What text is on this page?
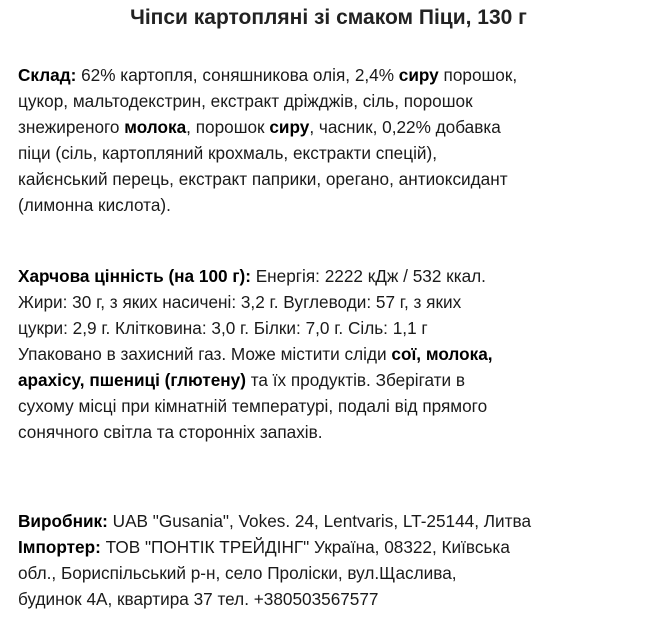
Чіпси картопляні зі смаком Піци, 130 г
Склад: 62% картопля, соняшникова олія, 2,4% сиру порошок,
цукор, мальтодекстрин, екстракт дріжджів, сіль, порошок
знежиреного молока, порошок сиру, часник, 0,22% добавка
піци (сіль, картопляний крохмаль, екстракти спецій),
кайєнський перець, екстракт паприки, орегано, антиоксидант
(лимонна кислота).
Харчова цінність (на 100 г): Енергія: 2222 кДж / 532 ккал.
Жири: 30 г, з яких насичені: 3,2 г. Вуглеводи: 57 г, з яких
цукри: 2,9 г. Клітковина: 3,0 г. Білки: 7,0 г. Сіль: 1,1 г
Упаковано в захисний газ. Може містити сліди сої, молока,
арахісу, пшениці (глютену) та їх продуктів. Зберігати в
сухому місці при кімнатній температурі, подалі від прямого
сонячного світла та сторонніх запахів.
Виробник: UAB "Gusania", Vokes. 24, Lentvaris, LT-25144, Литва
Імпортер: ТОВ "ПОНТІК ТРЕЙДІНГ" Україна, 08322, Київська
обл., Бориспільський р-н, село Пролiски, вул.Щаслива,
будинок 4А, квартира 37 тел. +380503567577
